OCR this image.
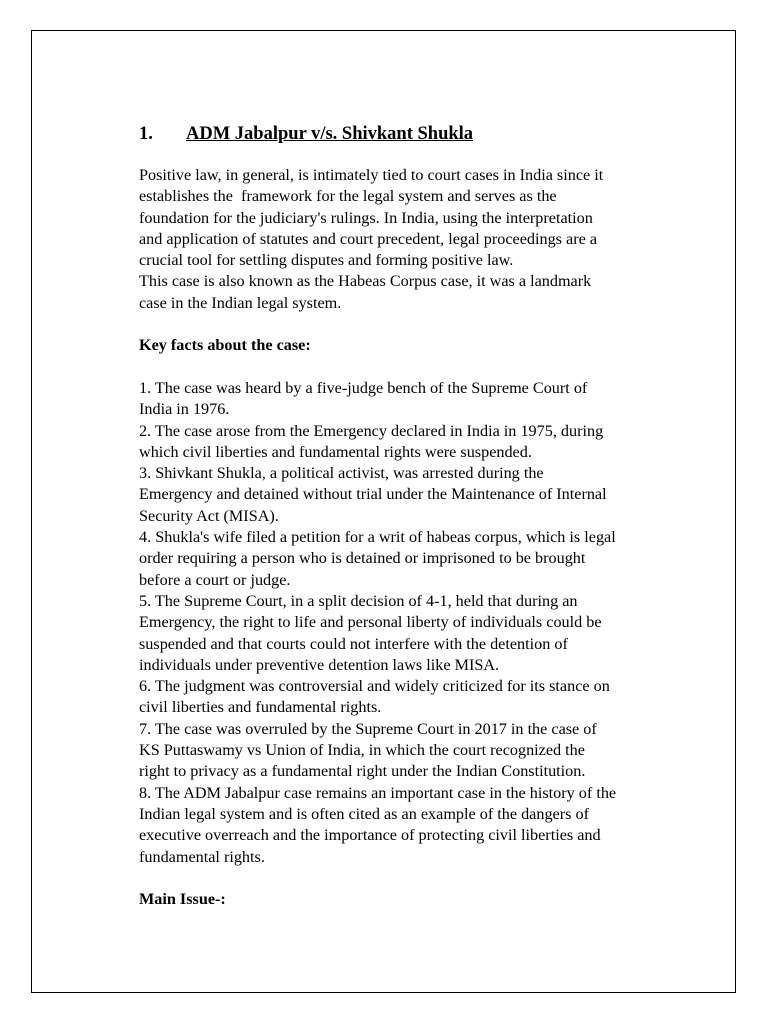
1. ADM Jabalpur v/s. Shivkant Shukla
Positive law, in general, is intimately tied to court cases in India since it
establishes the  framework for the legal system and serves as the
foundation for the judiciary's rulings. In India, using the interpretation
and application of statutes and court precedent, legal proceedings are a
crucial tool for settling disputes and forming positive law.
This case is also known as the Habeas Corpus case, it was a landmark
case in the Indian legal system.
Key facts about the case:
1. The case was heard by a five-judge bench of the Supreme Court of
India in 1976.
2. The case arose from the Emergency declared in India in 1975, during
which civil liberties and fundamental rights were suspended.
3. Shivkant Shukla, a political activist, was arrested during the
Emergency and detained without trial under the Maintenance of Internal
Security Act (MISA).
4. Shukla's wife filed a petition for a writ of habeas corpus, which is legal
order requiring a person who is detained or imprisoned to be brought
before a court or judge.
5. The Supreme Court, in a split decision of 4-1, held that during an
Emergency, the right to life and personal liberty of individuals could be
suspended and that courts could not interfere with the detention of
individuals under preventive detention laws like MISA.
6. The judgment was controversial and widely criticized for its stance on
civil liberties and fundamental rights.
7. The case was overruled by the Supreme Court in 2017 in the case of
KS Puttaswamy vs Union of India, in which the court recognized the
right to privacy as a fundamental right under the Indian Constitution.
8. The ADM Jabalpur case remains an important case in the history of the
Indian legal system and is often cited as an example of the dangers of
executive overreach and the importance of protecting civil liberties and
fundamental rights.
Main Issue-:
